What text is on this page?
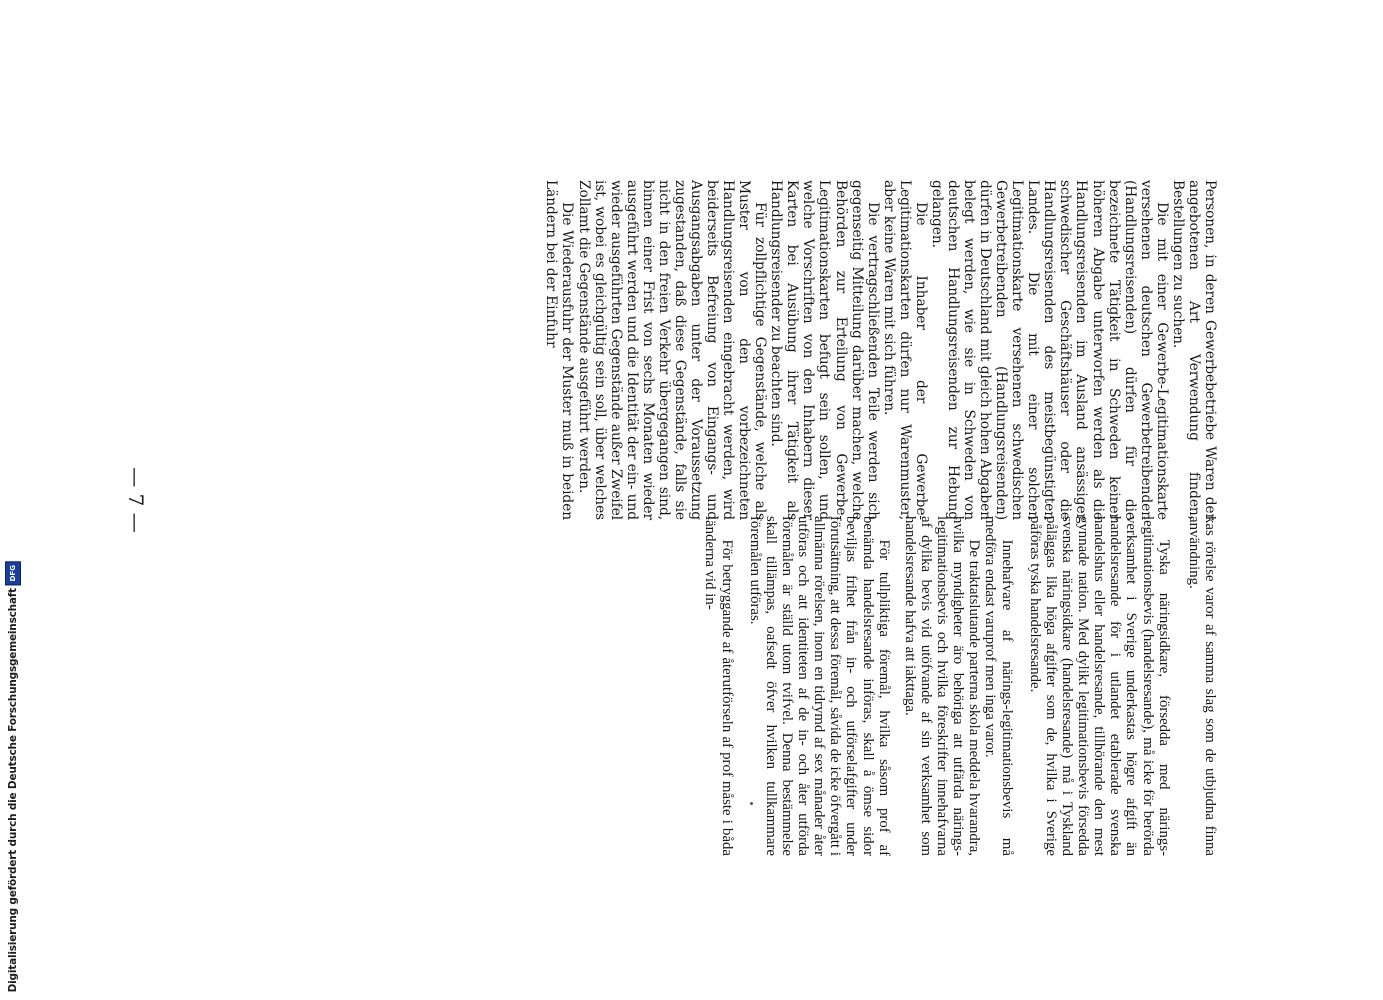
— 7 —	Personen, in deren Gewerbebetriebe Waren der angebotenen Art Verwendung finden, Bestellungen zu suchen.

Die mit einer Gewerbe-Legitimationskarte versehenen deutschen Gewerbetreibenden (Handlungsreisenden) dürfen für die bezeichnete Tätigkeit in Schweden keiner höheren Abgabe unterworfen werden als die Handlungsreisenden im Ausland ansässiger schwedischer Geschäftshäuser oder die Handlungsreisenden des meistbegünstigten Landes. Die mit einer solchen Legitimationskarte versehenen schwedischen Gewerbetreibenden (Handlungsreisenden) dürfen in Deutschland mit gleich hohen Abgaben belegt werden, wie sie in Schweden von deutschen Handlungsreisenden zur Hebung gelangen.

Die Inhaber der Gewerbe-Legitimationskarten dürfen nur Warenmuster, aber keine Waren mit sich führen.

Die vertragschließenden Teile werden sich gegenseitig Mitteilung darüber machen, welche Behörden zur Erteilung von Gewerbe-Legitimationskarten befugt sein sollen, und welche Vorschriften von den Inhabern dieser Karten bei Ausübung ihrer Tätigkeit als Handlungsreisender zu beachten sind.

Für zollpflichtige Gegenstände, welche als Muster von den vorbezeichneten Handlungsreisenden eingebracht werden, wird beiderseits Befreiung von Eingangs- und Ausgangsabgaben unter der Voraussetzung zugestanden, daß diese Gegenstände, falls sie nicht in den freien Verkehr übergegangen sind, binnen einer Frist von sechs Monaten wieder ausgeführt werden und die Identität der ein- und wieder ausgeführten Gegenstände außer Zweifel ist, wobei es gleichgültig sein soll, über welches Zollamt die Gegenstände ausgeführt werden.

Die Wiederausfuhr der Muster muß in beiden Ländern bei der Einfuhr

kas rörelse varor af samma slag som de utbjudna finna användning.

Tyska näringsidkare, försedda med närings-legitimationsbevis (handelsresande), må icke för berörda verksamhet i Sverige underkastas högre afgift än handelsresande för i utlandet etablerade svenska handelshus eller handelsresande, tillhörande den mest gynnade nation. Med dylikt legitimationsbevis försedda svenska näringsidkare (handelsresande) må i Tyskland påläggas lika höga afgifter som de, hvilka i Sverige påföras tyska handelsresande.

Innehafvare af närings-legitimationsbevis må medföra endast varuprof men inga varor.

De traktatslutande parterna skola meddela hvarandra, hvilka myndigheter äro behöriga att utfärda närings-legitimationsbevis och hvilka föreskrifter innehafvarna af dylika bevis vid utöfvande af sin verksamhet som handelsresande hafva att iakttaga.

För tullpliktiga föremål, hvilka såsom prof af benämda handelsresande införas, skall å ömse sidor beviljas frihet från in- och utförselafgifter under förutsättning, att dessa föremål, såvida de icke öfvergått i allmänna rörelsen, inom en tidrymd af sex månader åter utföras och att identiteten af de in- och åter utförda föremålen är ställd utom tvifvel. Denna bestämmelse skall tillämpas, oafsedt öfver hvilken tullkammare föremålen utföras.

För betryggande af återutförseln af prof måste i båda länderna vid in-

Digitalisierung gefördert durch die Deutsche Forschungsgemeinschaft
DFG
